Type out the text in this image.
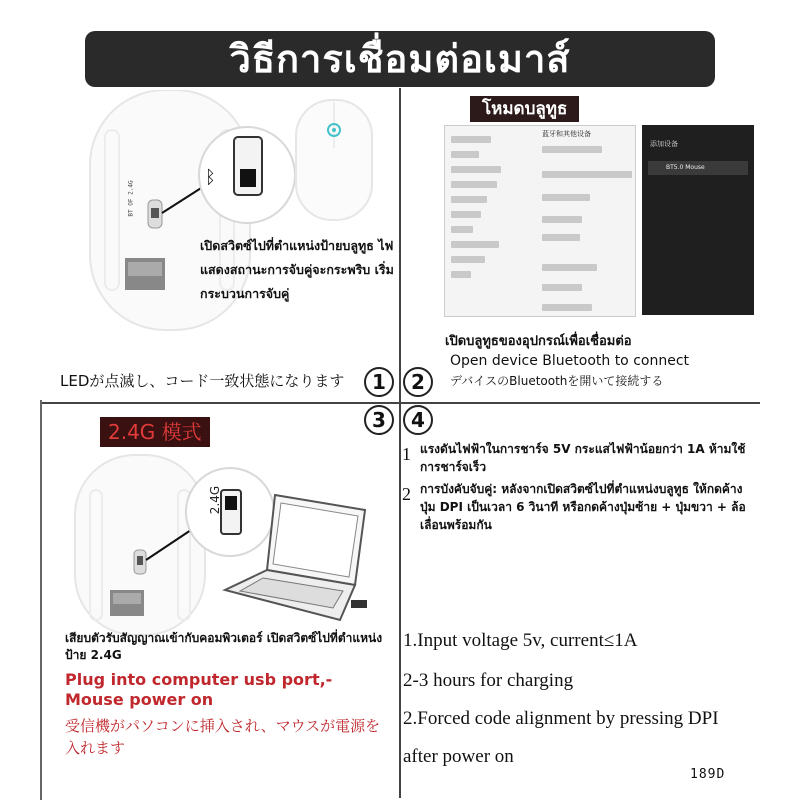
วิธีการเชื่อมต่อเมาส์
BT OF 2.4G
ᛒ
เปิดสวิตซ์ไปที่ตำแหน่งป้ายบลูทูธ ไฟแสดงสถานะการจับคู่จะกระพริบ เริ่มกระบวนการจับคู่
LEDが点滅し、コード一致状態になります	1
โหมดบลูทูธ
蓝牙和其他设备
添加设备
BT5.0 Mouse
เปิดบลูทูธของอุปกรณ์เพื่อเชื่อมต่อ
Open device Bluetooth to connect
デバイスのBluetoothを開いて接続する
2
3
2.4G 模式
2.4G
เสียบตัวรับสัญญาณเข้ากับคอมพิวเตอร์ เปิดสวิตซ์ไปที่ตำแหน่งป้าย 2.4G
Plug into computer usb port,- Mouse power on
受信機がパソコンに挿入され、マウスが電源を入れます
4
1 แรงดันไฟฟ้าในการชาร์จ 5V กระแสไฟฟ้าน้อยกว่า 1A ห้ามใช้การชาร์จเร็ว
2 การบังคับจับคู่: หลังจากเปิดสวิตซ์ไปที่ตำแหน่งบลูทูธ ให้กดค้างปุ่ม DPI เป็นเวลา 6 วินาที หรือกดค้างปุ่มซ้าย + ปุ่มขวา + ล้อเลื่อนพร้อมกัน
1.Input voltage 5v, current≤1A
2-3 hours for charging
2.Forced code alignment by pressing DPI
after power on
189D
